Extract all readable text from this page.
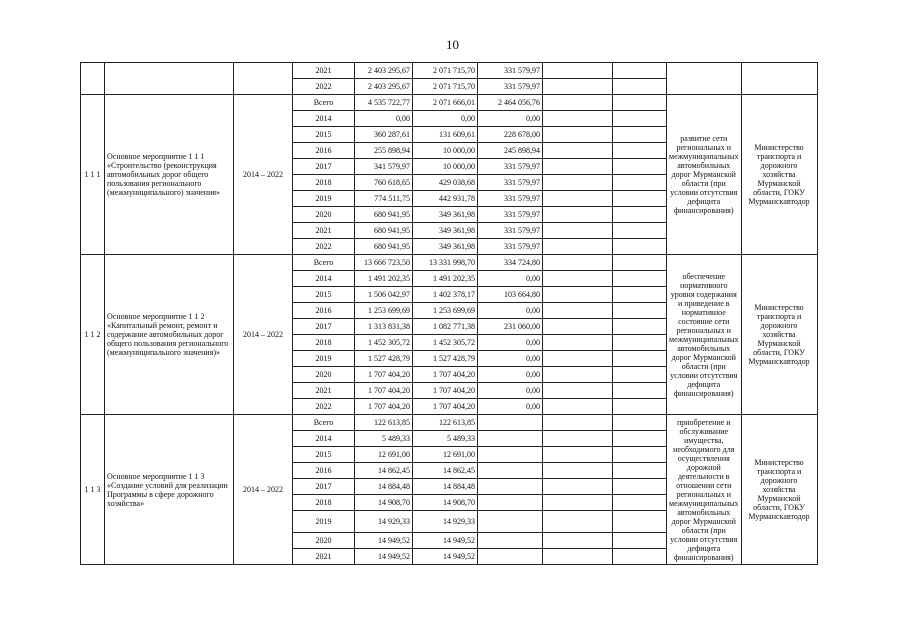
10
			2021	2 403 295,67	2 071 715,70	331 579,97				
			2022	2 403 295,67	2 071 715,70	331 579,97				
1 1 1	Основное мероприятие 1 1 1 «Строительство (реконструкция автомобильных дорог общего пользования регионального (межмуниципального) значения»	2014 – 2022	Всего	4 535 722,77	2 071 666,01	2 464 056,76			развитие сети региональных и межмуниципальных автомобильных дорог Мурманской области (при условии отсутствия дефицита финансирования)	Министерство транспорта и дорожного хозяйства Мурманской области, ГОКУ Мурманскавтодор
			2014	0,00	0,00	0,00				
			2015	360 287,61	131 609,61	228 678,00				
			2016	255 898,94	10 000,00	245 898,94				
			2017	341 579,97	10 000,00	331 579,97				
			2018	760 618,65	429 038,68	331 579,97				
			2019	774 511,75	442 931,78	331 579,97				
			2020	680 941,95	349 361,98	331 579,97				
			2021	680 941,95	349 361,98	331 579,97				
			2022	680 941,95	349 361,98	331 579,97				
1 1 2	Основное мероприятие 1 1 2 «Капитальный ремонт, ремонт и содержание автомобильных дорог общего пользования регионального (межмуниципального значения)»	2014 – 2022	Всего	13 666 723,50	13 331 998,70	334 724,80			обеспечение нормативного уровня содержания и приведение в нормативное состояние сети региональных и межмуниципальных автомобильных дорог Мурманской области (при условии отсутствия дефицита финансирования)	Министерство транспорта и дорожного хозяйства Мурманской области, ГОКУ Мурманскавтодор
			2014	1 491 202,35	1 491 202,35	0,00				
			2015	1 506 042,97	1 402 378,17	103 664,80				
			2016	1 253 699,69	1 253 699,69	0,00				
			2017	1 313 831,38	1 082 771,38	231 060,00				
			2018	1 452 305,72	1 452 305,72	0,00				
			2019	1 527 428,79	1 527 428,79	0,00				
			2020	1 707 404,20	1 707 404,20	0,00				
			2021	1 707 404,20	1 707 404,20	0,00				
			2022	1 707 404,20	1 707 404,20	0,00				
1 1 3	Основное мероприятие 1 1 3 «Создание условий для реализации Программы в сфере дорожного хозяйства»	2014 – 2022	Всего	122 613,85	122 613,85				приобретение и обслуживание имущества, необходимого для осуществления дорожной деятельности в отношении сети региональных и межмуниципальных автомобильных дорог Мурманской области (при условии отсутствия дефицита финансирования)	Министерство транспорта и дорожного хозяйства Мурманской области, ГОКУ Мурманскавтодор
			2014	5 489,33	5 489,33					
			2015	12 691,00	12 691,00					
			2016	14 862,45	14 862,45					
			2017	14 884,48	14 884,48					
			2018	14 908,70	14 908,70					
			2019	14 929,33	14 929,33					
			2020	14 949,52	14 949,52					
			2021	14 949,52	14 949,52					
